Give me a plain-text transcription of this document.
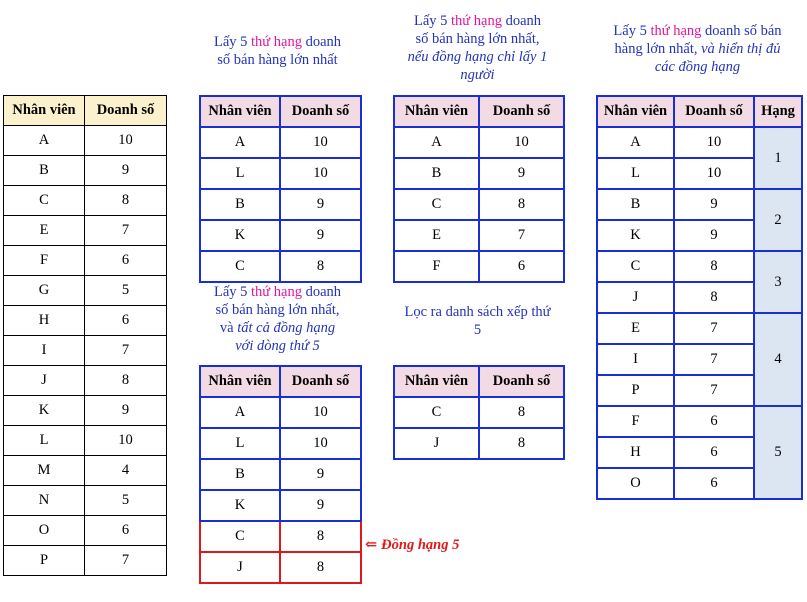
Lấy 5 thứ hạng doanh
số bán hàng lớn nhất
Lấy 5 thứ hạng doanh
số bán hàng lớn nhất,
nếu đồng hạng chỉ lấy 1
người
Lấy 5 thứ hạng doanh số bán
hàng lớn nhất, và hiển thị đủ
các đồng hạng
Lấy 5 thứ hạng doanh
số bán hàng lớn nhất,
và tất cả đồng hạng
với dòng thứ 5
Lọc ra danh sách xếp thứ
5
Nhân viên	Doanh số
A	10
B	9
C	8
E	7
F	6
G	5
H	6
I	7
J	8
K	9
L	10
M	4
N	5
O	6
P	7
Nhân viên	Doanh số
A	10
L	10
B	9
K	9
C	8
Nhân viên	Doanh số
A	10
L	10
B	9
K	9
C	8
J	8
⇐ Đồng hạng 5
Nhân viên	Doanh số
A	10
B	9
C	8
E	7
F	6
Nhân viên	Doanh số
C	8
J	8
Nhân viên	Doanh số	Hạng
A	10	1
L	10	
B	9	2
K	9	
C	8	3
J	8	
E	7	4
I	7	
P	7	
F	6	5
H	6	
O	6	
